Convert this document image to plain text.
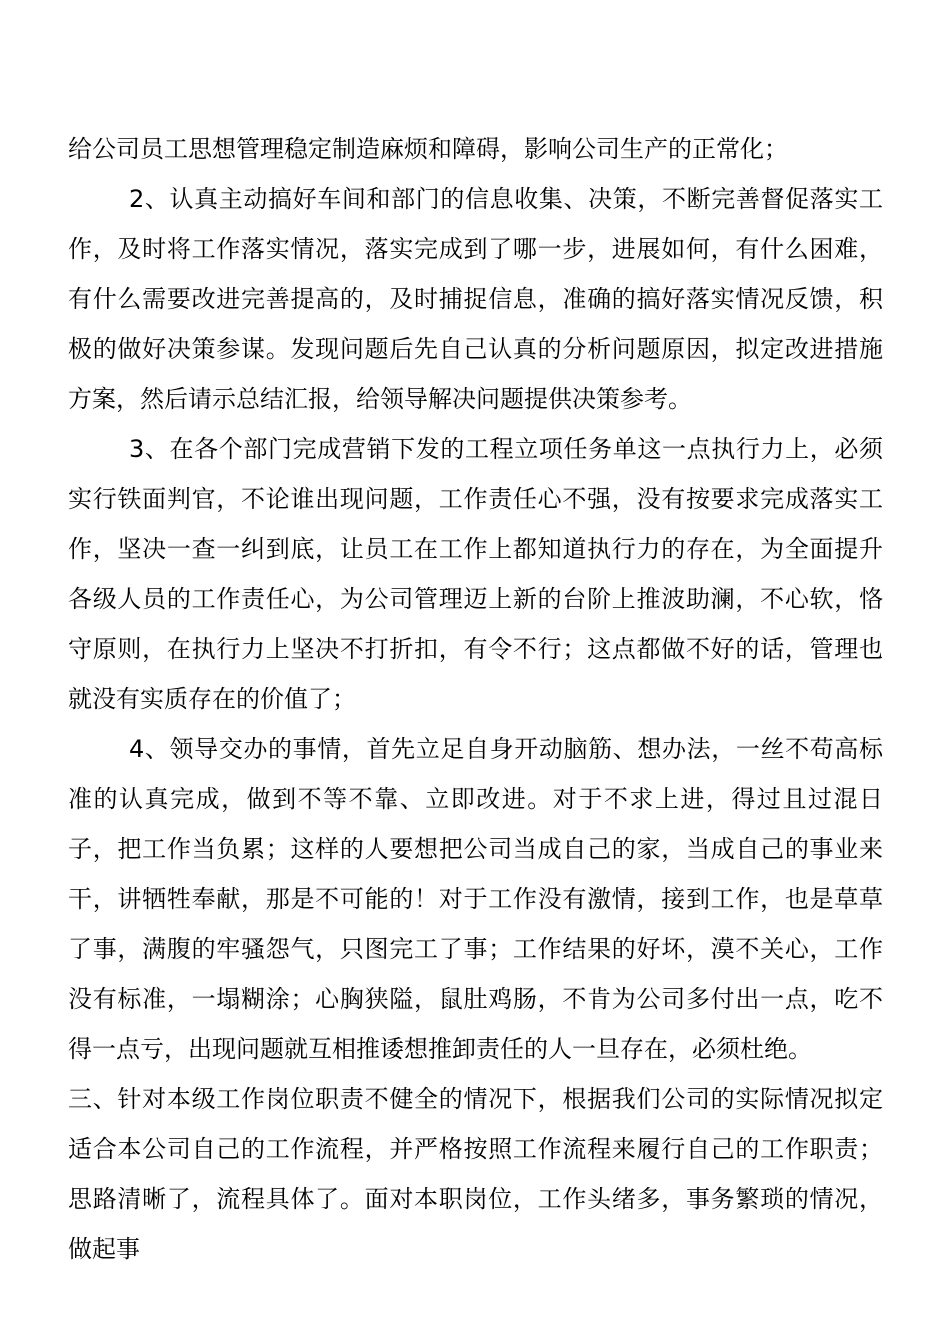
给公司员工思想管理稳定制造麻烦和障碍，影响公司生产的正常化；

2、认真主动搞好车间和部门的信息收集、决策，不断完善督促落实工作，及时将工作落实情况，落实完成到了哪一步，进展如何，有什么困难，有什么需要改进完善提高的，及时捕捉信息，准确的搞好落实情况反馈，积极的做好决策参谋。发现问题后先自己认真的分析问题原因，拟定改进措施方案，然后请示总结汇报，给领导解决问题提供决策参考。

3、在各个部门完成营销下发的工程立项任务单这一点执行力上，必须实行铁面判官，不论谁出现问题，工作责任心不强，没有按要求完成落实工作，坚决一查一纠到底，让员工在工作上都知道执行力的存在，为全面提升各级人员的工作责任心，为公司管理迈上新的台阶上推波助澜，不心软，恪守原则，在执行力上坚决不打折扣，有令不行；这点都做不好的话，管理也就没有实质存在的价值了；

4、领导交办的事情，首先立足自身开动脑筋、想办法，一丝不苟高标准的认真完成，做到不等不靠、立即改进。对于不求上进，得过且过混日子，把工作当负累；这样的人要想把公司当成自己的家，当成自己的事业来干，讲牺牲奉献，那是不可能的！对于工作没有激情，接到工作，也是草草了事，满腹的牢骚怨气，只图完工了事；工作结果的好坏，漠不关心，工作没有标准，一塌糊涂；心胸狭隘，鼠肚鸡肠，不肯为公司多付出一点，吃不得一点亏，出现问题就互相推诿想推卸责任的人一旦存在，必须杜绝。

三、针对本级工作岗位职责不健全的情况下，根据我们公司的实际情况拟定适合本公司自己的工作流程，并严格按照工作流程来履行自己的工作职责；思路清晰了，流程具体了。面对本职岗位，工作头绪多，事务繁琐的情况，做起事
